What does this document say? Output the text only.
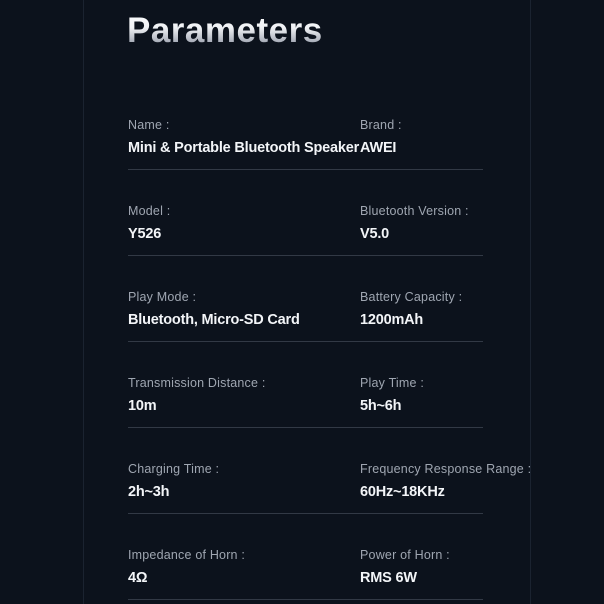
Parameters
Name :
Mini & Portable Bluetooth Speaker
Brand :
AWEI
Model :
Y526
Bluetooth Version :
V5.0
Play Mode :
Bluetooth, Micro-SD Card
Battery Capacity :
1200mAh
Transmission Distance :
10m
Play Time :
5h~6h
Charging Time :
2h~3h
Frequency Response Range :
60Hz~18KHz
Impedance of Horn :
4Ω
Power of Horn :
RMS 6W
